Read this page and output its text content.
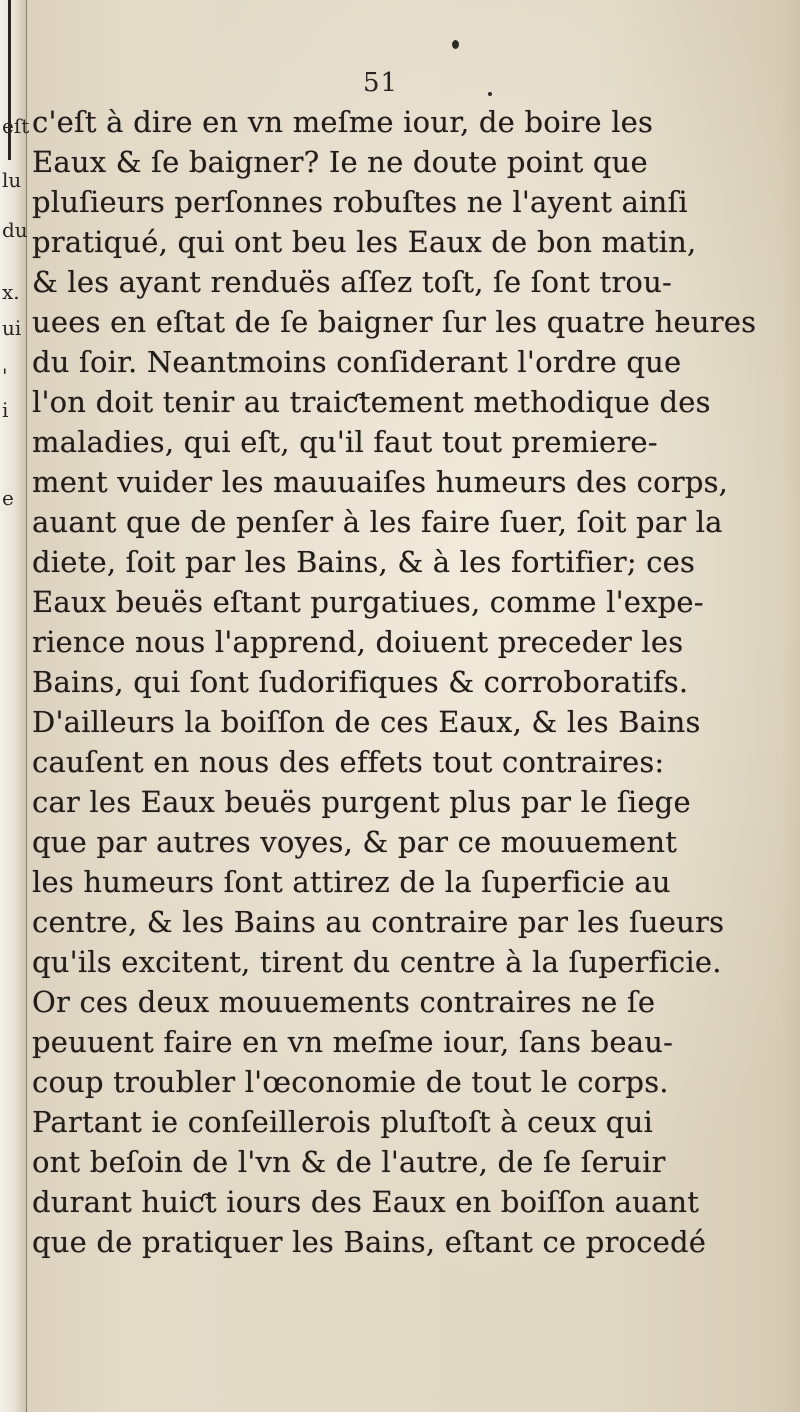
eſt
lu
du
x.
ui
'
i
e
51
c'eſt à dire en vn meſme iour, de boire les
Eaux & ſe baigner? Ie ne doute point que
pluſieurs perſonnes robuſtes ne l'ayent ainſi
pratiqué, qui ont beu les Eaux de bon matin,
& les ayant renduës aſſez toſt, ſe ſont trou-
uees en eſtat de ſe baigner ſur les quatre heures
du ſoir. Neantmoins conſiderant l'ordre que
l'on doit tenir au traiƈtement methodique des
maladies, qui eſt, qu'il faut tout premiere-
ment vuider les mauuaiſes humeurs des corps,
auant que de penſer à les faire ſuer, ſoit par la
diete, ſoit par les Bains, & à les fortifier; ces
Eaux beuës eſtant purgatiues, comme l'expe-
rience nous l'apprend, doiuent preceder les
Bains, qui ſont ſudorifiques & corroboratifs.
D'ailleurs la boiſſon de ces Eaux, & les Bains
cauſent en nous des effets tout contraires:
car les Eaux beuës purgent plus par le ſiege
que par autres voyes, & par ce mouuement
les humeurs ſont attirez de la ſuperficie au
centre, & les Bains au contraire par les ſueurs
qu'ils excitent, tirent du centre à la ſuperficie.
Or ces deux mouuements contraires ne ſe
peuuent faire en vn meſme iour, ſans beau-
coup troubler l'œconomie de tout le corps.
Partant ie conſeillerois pluſtoſt à ceux qui
ont beſoin de l'vn & de l'autre, de ſe ſeruir
durant huiƈt iours des Eaux en boiſſon auant
que de pratiquer les Bains, eſtant ce procedé
